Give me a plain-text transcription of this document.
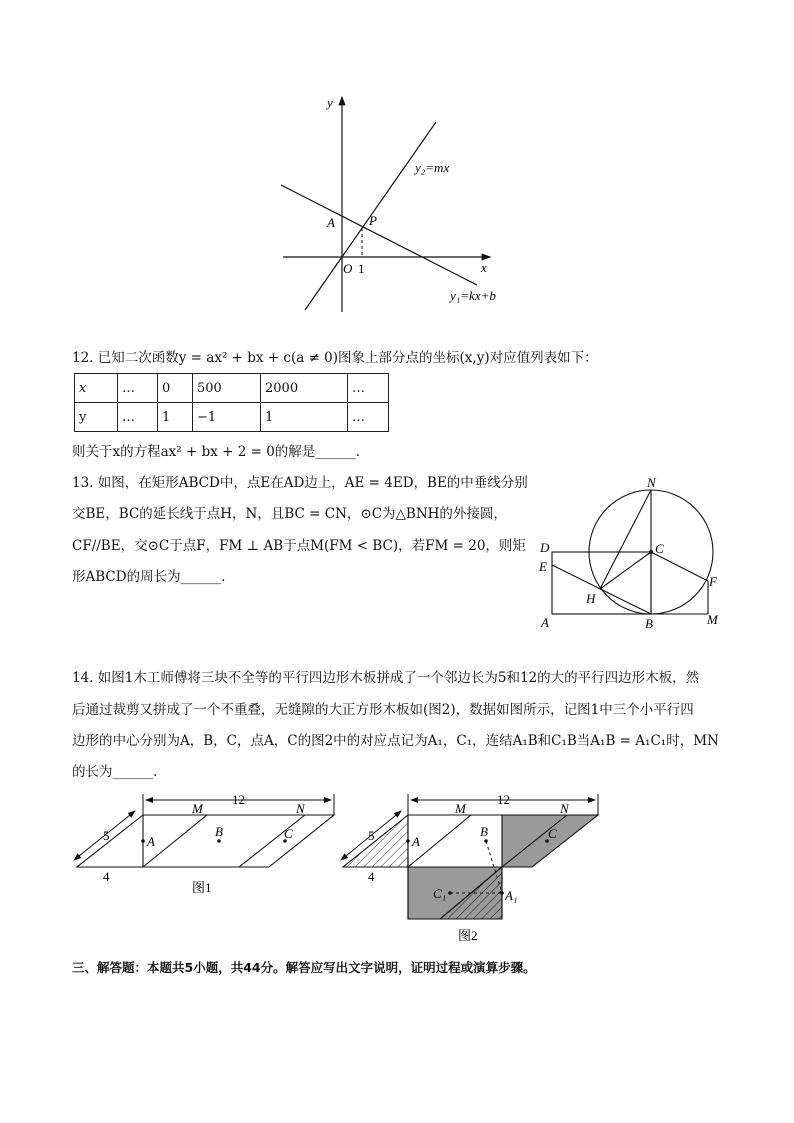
y
x
O
A	P
1
y₂=mx
y₁=kx+b
12. 已知二次函数y = ax² + bx + c(a ≠ 0)图象上部分点的坐标(x,y)对应值列表如下：
x	…	0	500	2000	…
y	…	1	−1	1	…
则关于x的方程ax² + bx + 2 = 0的解是______.
13. 如图，在矩形ABCD中，点E在AD边上，AE = 4ED，BE的中垂线分别
交BE，BC的延长线于点H，N，且BC = CN，⊙C为△BNH的外接圆，
CF//BE，交⊙C于点F，FM ⊥ AB于点M(FM < BC)，若FM = 20，则矩
形ABCD的周长为______.
N
D	C
E
F
H
A	B	M
14. 如图1木工师傅将三块不全等的平行四边形木板拼成了一个邻边长为5和12的大的平行四边形木板，然
后通过裁剪又拼成了一个不重叠，无缝隙的大正方形木板如(图2)，数据如图所示，记图1中三个小平行四
边形的中心分别为A，B，C，点A，C的图2中的对应点记为A₁，C₁，连结A₁B和C₁B当A₁B = A₁C₁时，MN
的长为______.
12
M	N
5	A
B	C
4
图1
12
M	N
5	A
B	C
4
C₁	A₁
图2
三、解答题：本题共5小题，共44分。解答应写出文字说明，证明过程或演算步骤。
